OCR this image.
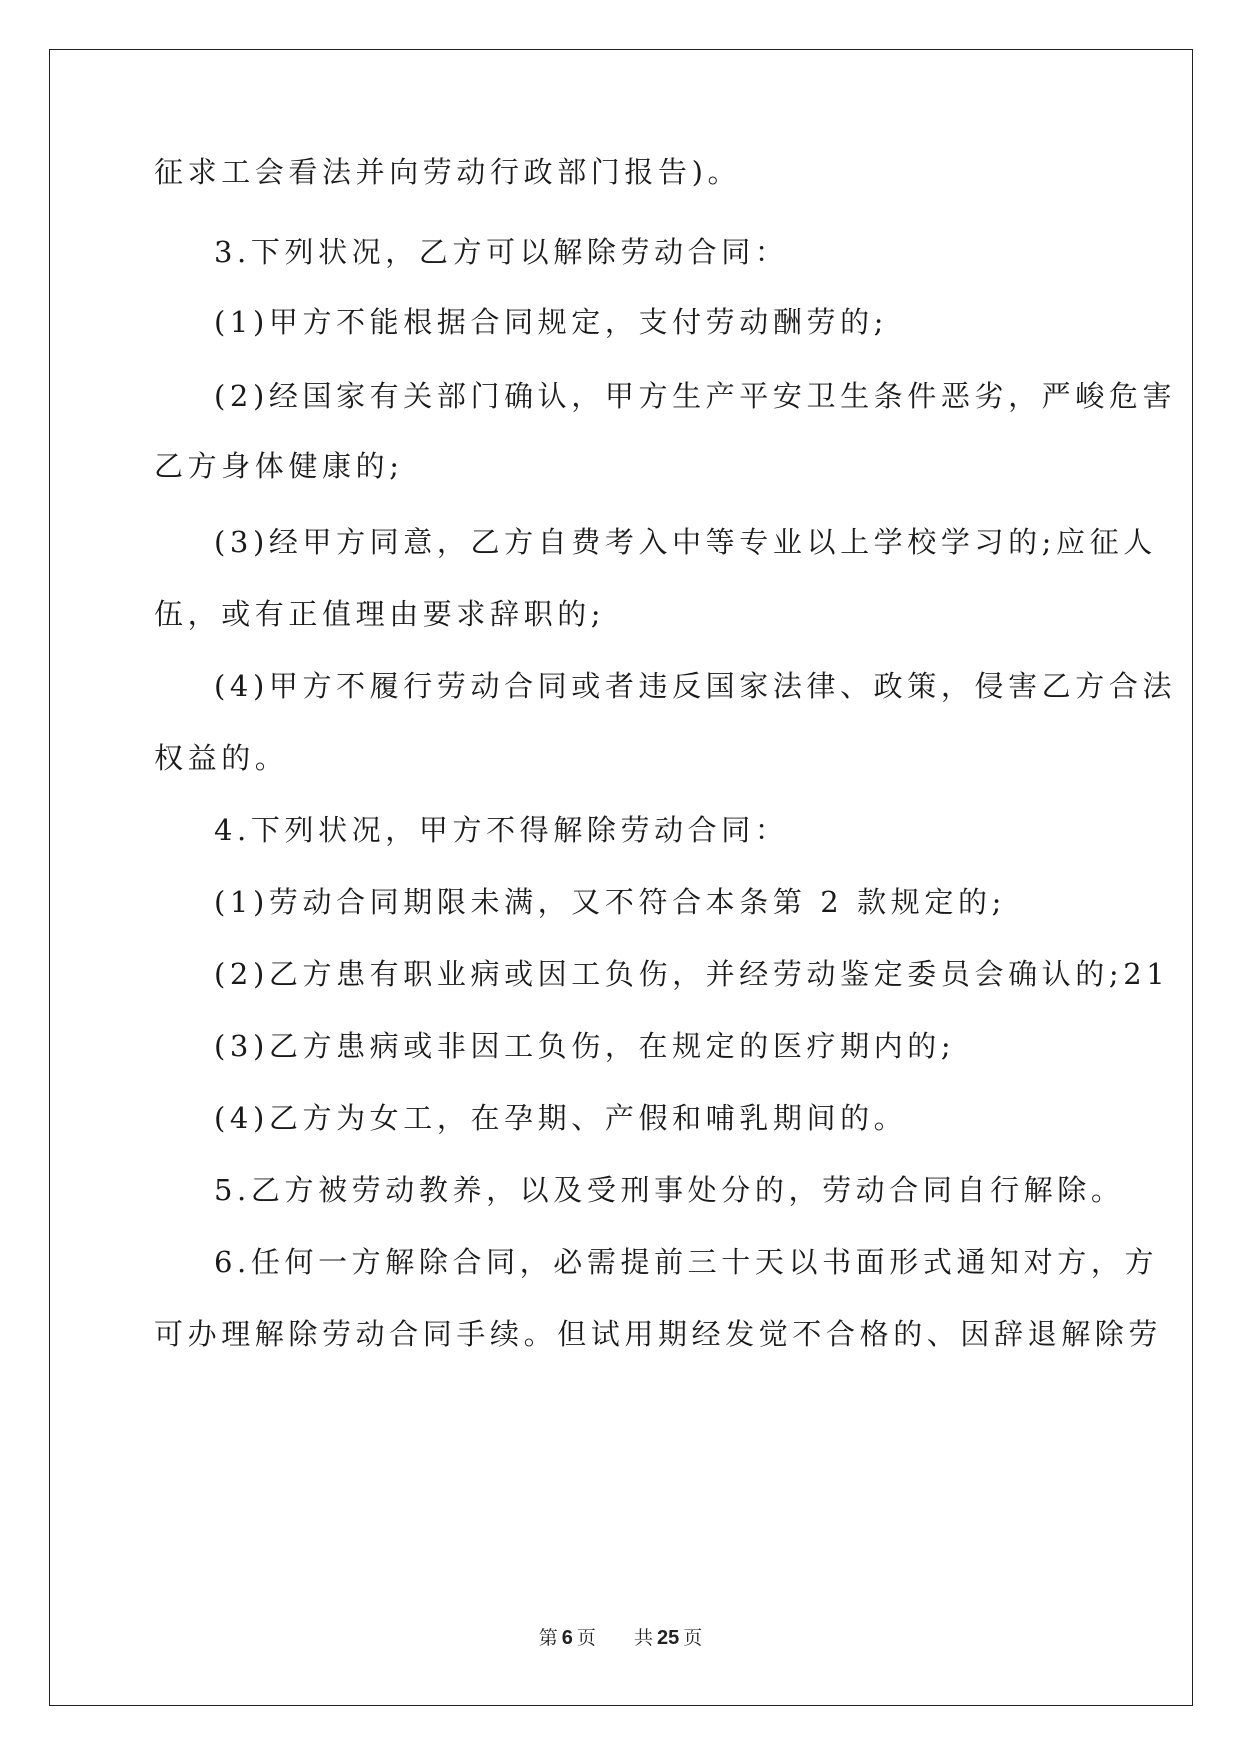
征求工会看法并向劳动行政部门报告)。

3.下列状况，乙方可以解除劳动合同：

(1)甲方不能根据合同规定，支付劳动酬劳的;

(2)经国家有关部门确认，甲方生产平安卫生条件恶劣，严峻危害

乙方身体健康的;

(3)经甲方同意，乙方自费考入中等专业以上学校学习的;应征人

伍，或有正值理由要求辞职的;

(4)甲方不履行劳动合同或者违反国家法律、政策，侵害乙方合法

权益的。

4.下列状况，甲方不得解除劳动合同：

(1)劳动合同期限未满，又不符合本条第 2 款规定的;

(2)乙方患有职业病或因工负伤，并经劳动鉴定委员会确认的;21

(3)乙方患病或非因工负伤，在规定的医疗期内的;

(4)乙方为女工，在孕期、产假和哺乳期间的。

5.乙方被劳动教养，以及受刑事处分的，劳动合同自行解除。

6.任何一方解除合同，必需提前三十天以书面形式通知对方，方

可办理解除劳动合同手续。但试用期经发觉不合格的、因辞退解除劳

第 6 页 共 25 页
